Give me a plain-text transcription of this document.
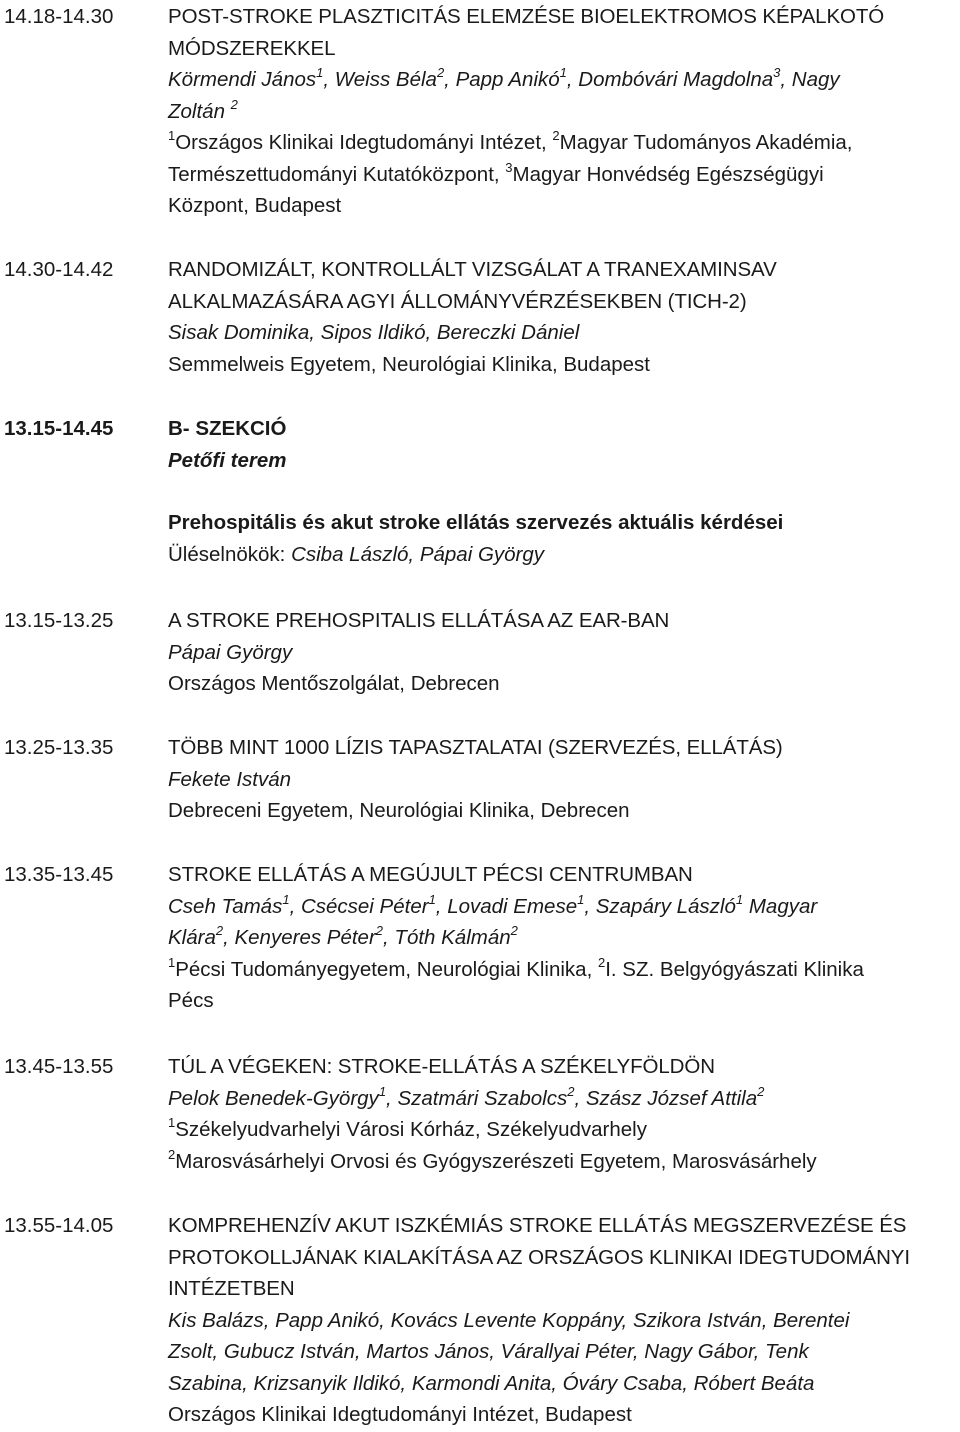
14.18-14.30	POST-STROKE PLASZTICITÁS ELEMZÉSE BIOELEKTROMOS KÉPALKOTÓ
MÓDSZEREKKEL
Körmendi János$^1$, Weiss Béla$^2$, Papp Anikó$^1$, Dombóvári Magdolna$^3$, Nagy
Zoltán $^2$
$^1$Országos Klinikai Idegtudományi Intézet, $^2$Magyar Tudományos Akadémia,
Természettudományi Kutatóközpont, $^3$Magyar Honvédség Egészségügyi
Központ, Budapest
14.30-14.42	RANDOMIZÁLT, KONTROLLÁLT VIZSGÁLAT A TRANEXAMINSAV
ALKALMAZÁSÁRA AGYI ÁLLOMÁNYVÉRZÉSEKBEN (TICH-2)
Sisak Dominika, Sipos Ildikó, Bereczki Dániel
Semmelweis Egyetem, Neurológiai Klinika, Budapest
13.15-14.45	B- SZEKCIÓ
Petőfi terem
Prehospitális és akut stroke ellátás szervezés aktuális kérdései
Üléselnökök: Csiba László, Pápai György
13.15-13.25	A STROKE PREHOSPITALIS ELLÁTÁSA AZ EAR-BAN
Pápai György
Országos Mentőszolgálat, Debrecen
13.25-13.35	TÖBB MINT 1000 LÍZIS TAPASZTALATAI (SZERVEZÉS, ELLÁTÁS)
Fekete István
Debreceni Egyetem, Neurológiai Klinika, Debrecen
13.35-13.45	STROKE ELLÁTÁS A MEGÚJULT PÉCSI CENTRUMBAN
Cseh Tamás$^1$, Csécsei Péter$^1$, Lovadi Emese$^1$, Szapáry László$^1$ Magyar
Klára$^2$, Kenyeres Péter$^2$, Tóth Kálmán$^2$
$^1$Pécsi Tudományegyetem, Neurológiai Klinika, $^2$I. SZ. Belgyógyászati Klinika
Pécs
13.45-13.55	TÚL A VÉGEKEN: STROKE-ELLÁTÁS A SZÉKELYFÖLDÖN
Pelok Benedek-György$^1$, Szatmári Szabolcs$^2$, Szász József Attila$^2$
$^1$Székelyudvarhelyi Városi Kórház, Székelyudvarhely
$^2$Marosvásárhelyi Orvosi és Gyógyszerészeti Egyetem, Marosvásárhely
13.55-14.05	KOMPREHENZÍV AKUT ISZKÉMIÁS STROKE ELLÁTÁS MEGSZERVEZÉSE ÉS
PROTOKOLLJÁNAK KIALAKÍTÁSA AZ ORSZÁGOS KLINIKAI IDEGTUDOMÁNYI
INTÉZETBEN
Kis Balázs, Papp Anikó, Kovács Levente Koppány, Szikora István, Berentei
Zsolt, Gubucz István, Martos János, Várallyai Péter, Nagy Gábor, Tenk
Szabina, Krizsanyik Ildikó, Karmondi Anita, Óváry Csaba, Róbert Beáta
Országos Klinikai Idegtudományi Intézet, Budapest
